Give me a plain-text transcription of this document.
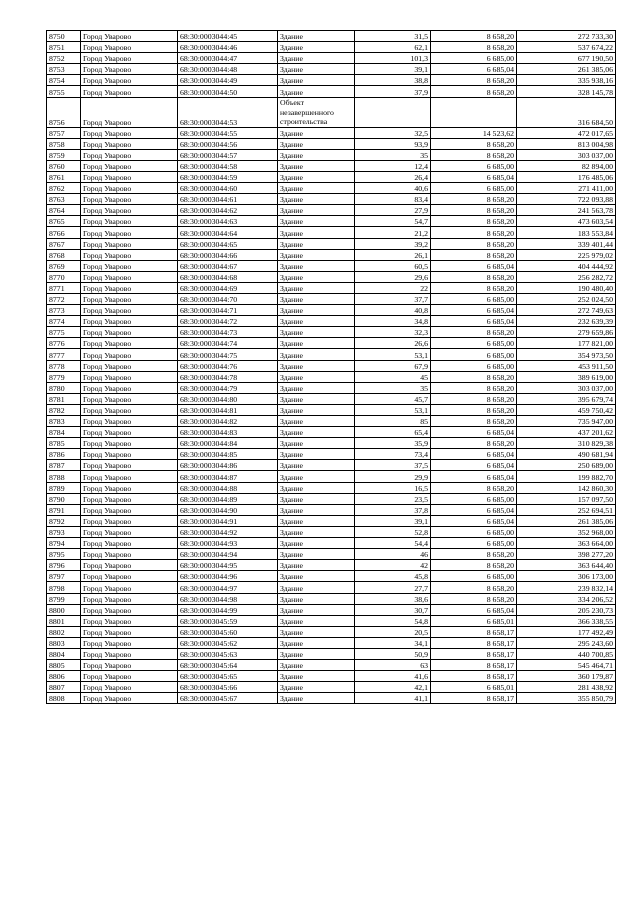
8750	Город Уварово	68:30:0003044:45	Здание	31,5	8 658,20	272 733,30
8751	Город Уварово	68:30:0003044:46	Здание	62,1	8 658,20	537 674,22
8752	Город Уварово	68:30:0003044:47	Здание	101,3	6 685,00	677 190,50
8753	Город Уварово	68:30:0003044:48	Здание	39,1	6 685,04	261 385,06
8754	Город Уварово	68:30:0003044:49	Здание	38,8	8 658,20	335 938,16
8755	Город Уварово	68:30:0003044:50	Здание	37,9	8 658,20	328 145,78
8756	Город Уварово	68:30:0003044:53	Объект незавершенного строительства			316 684,50
8757	Город Уварово	68:30:0003044:55	Здание	32,5	14 523,62	472 017,65
8758	Город Уварово	68:30:0003044:56	Здание	93,9	8 658,20	813 004,98
8759	Город Уварово	68:30:0003044:57	Здание	35	8 658,20	303 037,00
8760	Город Уварово	68:30:0003044:58	Здание	12,4	6 685,00	82 894,00
8761	Город Уварово	68:30:0003044:59	Здание	26,4	6 685,04	176 485,06
8762	Город Уварово	68:30:0003044:60	Здание	40,6	6 685,00	271 411,00
8763	Город Уварово	68:30:0003044:61	Здание	83,4	8 658,20	722 093,88
8764	Город Уварово	68:30:0003044:62	Здание	27,9	8 658,20	241 563,78
8765	Город Уварово	68:30:0003044:63	Здание	54,7	8 658,20	473 603,54
8766	Город Уварово	68:30:0003044:64	Здание	21,2	8 658,20	183 553,84
8767	Город Уварово	68:30:0003044:65	Здание	39,2	8 658,20	339 401,44
8768	Город Уварово	68:30:0003044:66	Здание	26,1	8 658,20	225 979,02
8769	Город Уварово	68:30:0003044:67	Здание	60,5	6 685,04	404 444,92
8770	Город Уварово	68:30:0003044:68	Здание	29,6	8 658,20	256 282,72
8771	Город Уварово	68:30:0003044:69	Здание	22	8 658,20	190 480,40
8772	Город Уварово	68:30:0003044:70	Здание	37,7	6 685,00	252 024,50
8773	Город Уварово	68:30:0003044:71	Здание	40,8	6 685,04	272 749,63
8774	Город Уварово	68:30:0003044:72	Здание	34,8	6 685,04	232 639,39
8775	Город Уварово	68:30:0003044:73	Здание	32,3	8 658,20	279 659,86
8776	Город Уварово	68:30:0003044:74	Здание	26,6	6 685,00	177 821,00
8777	Город Уварово	68:30:0003044:75	Здание	53,1	6 685,00	354 973,50
8778	Город Уварово	68:30:0003044:76	Здание	67,9	6 685,00	453 911,50
8779	Город Уварово	68:30:0003044:78	Здание	45	8 658,20	389 619,00
8780	Город Уварово	68:30:0003044:79	Здание	35	8 658,20	303 037,00
8781	Город Уварово	68:30:0003044:80	Здание	45,7	8 658,20	395 679,74
8782	Город Уварово	68:30:0003044:81	Здание	53,1	8 658,20	459 750,42
8783	Город Уварово	68:30:0003044:82	Здание	85	8 658,20	735 947,00
8784	Город Уварово	68:30:0003044:83	Здание	65,4	6 685,04	437 201,62
8785	Город Уварово	68:30:0003044:84	Здание	35,9	8 658,20	310 829,38
8786	Город Уварово	68:30:0003044:85	Здание	73,4	6 685,04	490 681,94
8787	Город Уварово	68:30:0003044:86	Здание	37,5	6 685,04	250 689,00
8788	Город Уварово	68:30:0003044:87	Здание	29,9	6 685,04	199 882,70
8789	Город Уварово	68:30:0003044:88	Здание	16,5	8 658,20	142 860,30
8790	Город Уварово	68:30:0003044:89	Здание	23,5	6 685,00	157 097,50
8791	Город Уварово	68:30:0003044:90	Здание	37,8	6 685,04	252 694,51
8792	Город Уварово	68:30:0003044:91	Здание	39,1	6 685,04	261 385,06
8793	Город Уварово	68:30:0003044:92	Здание	52,8	6 685,00	352 968,00
8794	Город Уварово	68:30:0003044:93	Здание	54,4	6 685,00	363 664,00
8795	Город Уварово	68:30:0003044:94	Здание	46	8 658,20	398 277,20
8796	Город Уварово	68:30:0003044:95	Здание	42	8 658,20	363 644,40
8797	Город Уварово	68:30:0003044:96	Здание	45,8	6 685,00	306 173,00
8798	Город Уварово	68:30:0003044:97	Здание	27,7	8 658,20	239 832,14
8799	Город Уварово	68:30:0003044:98	Здание	38,6	8 658,20	334 206,52
8800	Город Уварово	68:30:0003044:99	Здание	30,7	6 685,04	205 230,73
8801	Город Уварово	68:30:0003045:59	Здание	54,8	6 685,01	366 338,55
8802	Город Уварово	68:30:0003045:60	Здание	20,5	8 658,17	177 492,49
8803	Город Уварово	68:30:0003045:62	Здание	34,1	8 658,17	295 243,60
8804	Город Уварово	68:30:0003045:63	Здание	50,9	8 658,17	440 700,85
8805	Город Уварово	68:30:0003045:64	Здание	63	8 658,17	545 464,71
8806	Город Уварово	68:30:0003045:65	Здание	41,6	8 658,17	360 179,87
8807	Город Уварово	68:30:0003045:66	Здание	42,1	6 685,01	281 438,92
8808	Город Уварово	68:30:0003045:67	Здание	41,1	8 658,17	355 850,79
